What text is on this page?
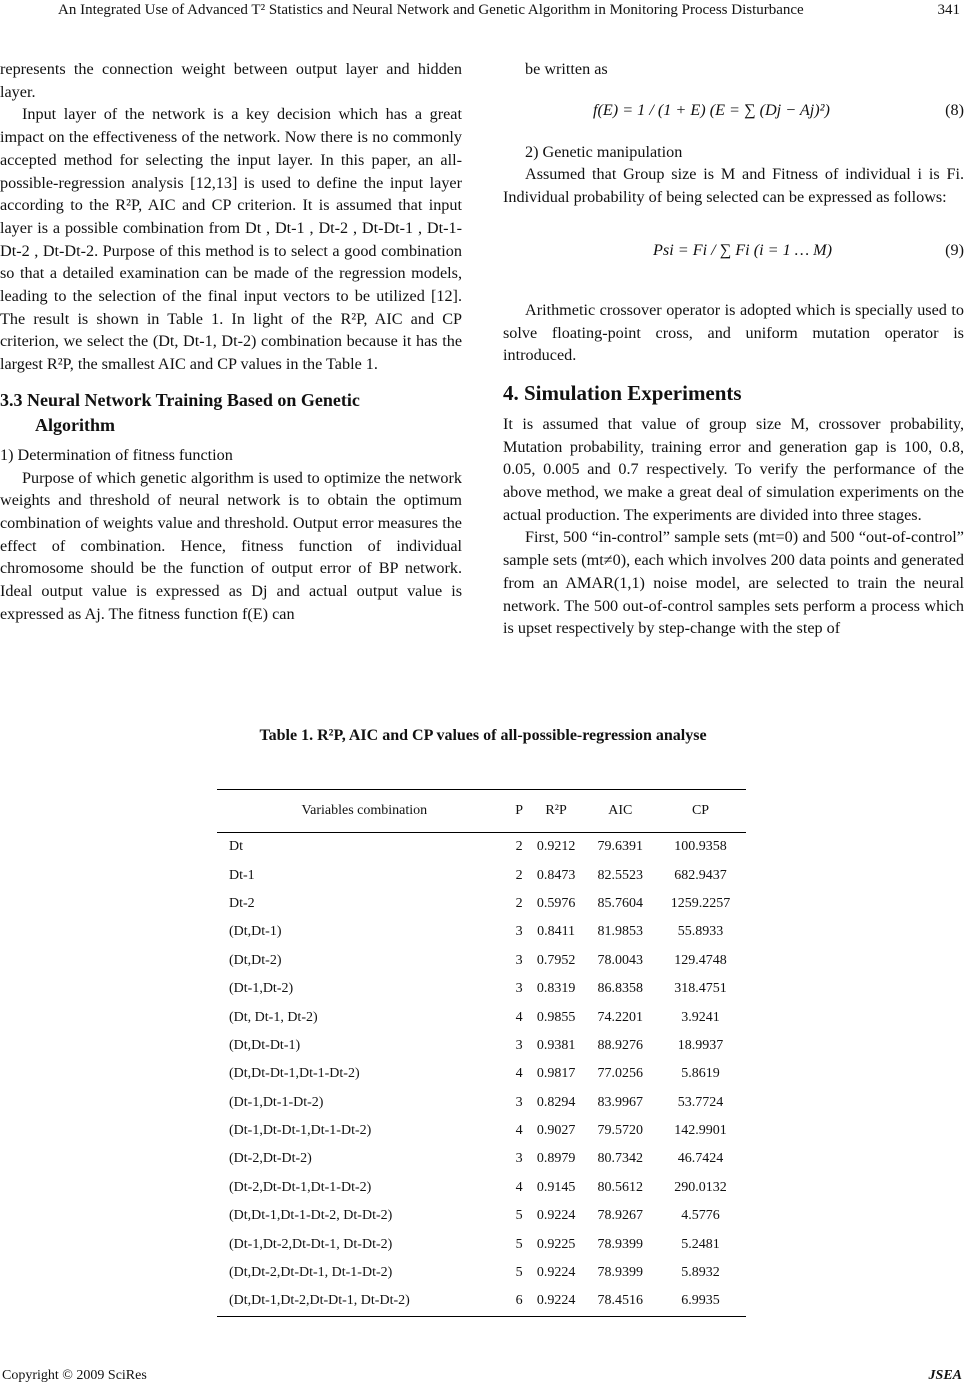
An Integrated Use of Advanced T² Statistics and Neural Network and Genetic Algorithm in Monitoring Process Disturbance	341

represents the connection weight between output layer and hidden layer.

Input layer of the network is a key decision which has a great impact on the effectiveness of the network. Now there is no commonly accepted method for selecting the input layer. In this paper, an all-possible-regression analysis [12,13] is used to define the input layer according to the R²P, AIC and CP criterion. It is assumed that input layer is a possible combination from Dt , Dt-1 , Dt-2 , Dt-Dt-1 , Dt-1-Dt-2 , Dt-Dt-2. Purpose of this method is to select a good combination so that a detailed examination can be made of the regression models, leading to the selection of the final input vectors to be utilized [12]. The result is shown in Table 1. In light of the R²P, AIC and CP criterion, we select the (Dt, Dt-1, Dt-2) combination because it has the largest R²P, the smallest AIC and CP values in the Table 1.

3.3 Neural Network Training Based on Genetic
Algorithm

1) Determination of fitness function

Purpose of which genetic algorithm is used to optimize the network weights and threshold of neural network is to obtain the optimum combination of weights value and threshold. Output error measures the effect of combination. Hence, fitness function of individual chromosome should be the function of output error of BP network. Ideal output value is expressed as Dj and actual output value is expressed as Aj. The fitness function f(E) can

be written as

f(E) = 1 / (1 + E) (E = ∑ (Dj − Aj)²)	(8)

2) Genetic manipulation

Assumed that Group size is M and Fitness of individual i is Fi. Individual probability of being selected can be expressed as follows:

Psi = Fi / ∑ Fi (i = 1 … M)	(9)

Arithmetic crossover operator is adopted which is specially used to solve floating-point cross, and uniform mutation operator is introduced.

4. Simulation Experiments

It is assumed that value of group size M, crossover probability, Mutation probability, training error and generation gap is 100, 0.8, 0.05, 0.005 and 0.7 respectively. To verify the performance of the above method, we make a great deal of simulation experiments on the actual production. The experiments are divided into three stages.

First, 500 “in-control” sample sets (mt=0) and 500 “out-of-control” sample sets (mt≠0), each which involves 200 data points and generated from an AMAR(1,1) noise model, are selected to train the neural network. The 500 out-of-control samples sets perform a process which is upset respectively by step-change with the step of

Table 1. R²P, AIC and CP values of all-possible-regression analyse
Variables combination	P	R²P	AIC	CP
Dt	2	0.9212	79.6391	100.9358
Dt-1	2	0.8473	82.5523	682.9437
Dt-2	2	0.5976	85.7604	1259.2257
(Dt,Dt-1)	3	0.8411	81.9853	55.8933
(Dt,Dt-2)	3	0.7952	78.0043	129.4748
(Dt-1,Dt-2)	3	0.8319	86.8358	318.4751
(Dt, Dt-1, Dt-2)	4	0.9855	74.2201	3.9241
(Dt,Dt-Dt-1)	3	0.9381	88.9276	18.9937
(Dt,Dt-Dt-1,Dt-1-Dt-2)	4	0.9817	77.0256	5.8619
(Dt-1,Dt-1-Dt-2)	3	0.8294	83.9967	53.7724
(Dt-1,Dt-Dt-1,Dt-1-Dt-2)	4	0.9027	79.5720	142.9901
(Dt-2,Dt-Dt-2)	3	0.8979	80.7342	46.7424
(Dt-2,Dt-Dt-1,Dt-1-Dt-2)	4	0.9145	80.5612	290.0132
(Dt,Dt-1,Dt-1-Dt-2, Dt-Dt-2)	5	0.9224	78.9267	4.5776
(Dt-1,Dt-2,Dt-Dt-1, Dt-Dt-2)	5	0.9225	78.9399	5.2481
(Dt,Dt-2,Dt-Dt-1, Dt-1-Dt-2)	5	0.9224	78.9399	5.8932
(Dt,Dt-1,Dt-2,Dt-Dt-1, Dt-Dt-2)	6	0.9224	78.4516	6.9935
Copyright © 2009 SciRes	JSEA
